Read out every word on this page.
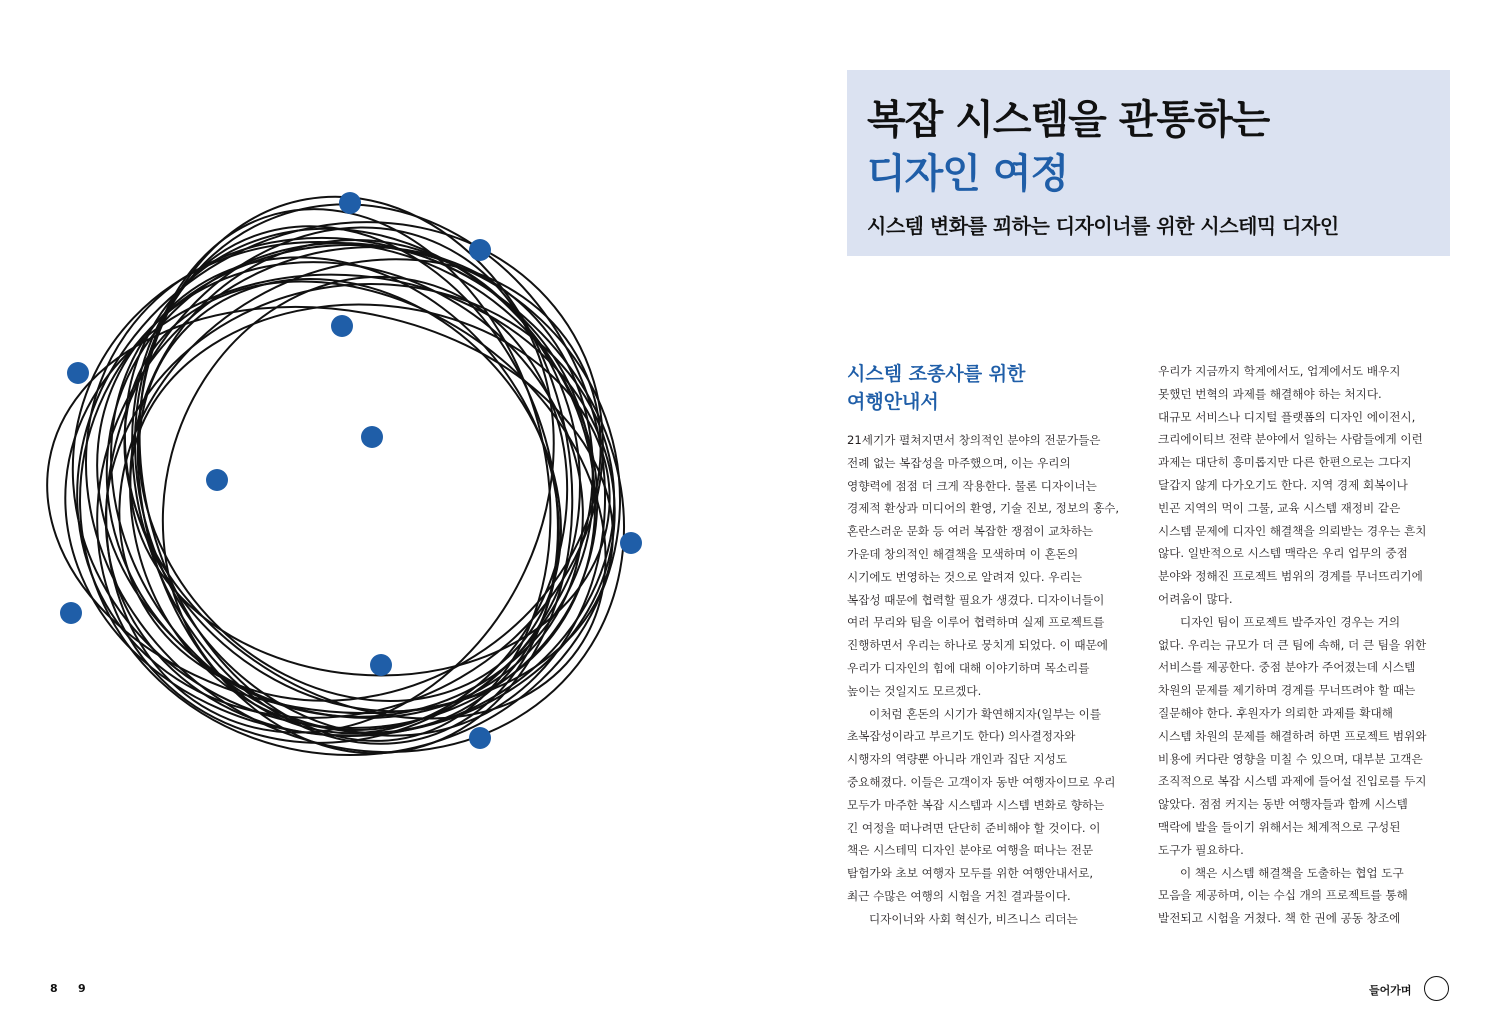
복잡 시스템을 관통하는
디자인 여정
시스템 변화를 꾀하는 디자이너를 위한 시스테믹 디자인
시스템 조종사를 위한
여행안내서
21세기가 펼쳐지면서 창의적인 분야의 전문가들은
전례 없는 복잡성을 마주했으며, 이는 우리의
영향력에 점점 더 크게 작용한다. 물론 디자이너는
경제적 환상과 미디어의 환영, 기술 진보, 정보의 홍수,
혼란스러운 문화 등 여러 복잡한 쟁점이 교차하는
가운데 창의적인 해결책을 모색하며 이 혼돈의
시기에도 번영하는 것으로 알려져 있다. 우리는
복잡성 때문에 협력할 필요가 생겼다. 디자이너들이
여러 무리와 팀을 이루어 협력하며 실제 프로젝트를
진행하면서 우리는 하나로 뭉치게 되었다. 이 때문에
우리가 디자인의 힘에 대해 이야기하며 목소리를
높이는 것일지도 모르겠다.
이처럼 혼돈의 시기가 확연해지자(일부는 이를
초복잡성이라고 부르기도 한다) 의사결정자와
시행자의 역량뿐 아니라 개인과 집단 지성도
중요해졌다. 이들은 고객이자 동반 여행자이므로 우리
모두가 마주한 복잡 시스템과 시스템 변화로 향하는
긴 여정을 떠나려면 단단히 준비해야 할 것이다. 이
책은 시스테믹 디자인 분야로 여행을 떠나는 전문
탐험가와 초보 여행자 모두를 위한 여행안내서로,
최근 수많은 여행의 시험을 거친 결과물이다.
디자이너와 사회 혁신가, 비즈니스 리더는
우리가 지금까지 학계에서도, 업계에서도 배우지
못했던 번혁의 과제를 해결해야 하는 처지다.
대규모 서비스나 디지털 플랫폼의 디자인 에이전시,
크리에이티브 전략 분야에서 일하는 사람들에게 이런
과제는 대단히 흥미롭지만 다른 한편으로는 그다지
달갑지 않게 다가오기도 한다. 지역 경제 회복이나
빈곤 지역의 먹이 그물, 교육 시스템 재정비 같은
시스템 문제에 디자인 해결책을 의뢰받는 경우는 흔치
않다. 일반적으로 시스템 맥락은 우리 업무의 중점
분야와 정해진 프로젝트 범위의 경계를 무너뜨리기에
어려움이 많다.
디자인 팀이 프로젝트 발주자인 경우는 거의
없다. 우리는 규모가 더 큰 팀에 속해, 더 큰 팀을 위한
서비스를 제공한다. 중점 분야가 주어졌는데 시스템
차원의 문제를 제기하며 경계를 무너뜨려야 할 때는
질문해야 한다. 후원자가 의뢰한 과제를 확대해
시스템 차원의 문제를 해결하려 하면 프로젝트 범위와
비용에 커다란 영향을 미칠 수 있으며, 대부분 고객은
조직적으로 복잡 시스템 과제에 들어설 진입로를 두지
않았다. 점점 커지는 동반 여행자들과 함께 시스템
맥락에 발을 들이기 위해서는 체계적으로 구성된
도구가 필요하다.
이 책은 시스템 해결책을 도출하는 협업 도구
모음을 제공하며, 이는 수십 개의 프로젝트를 통해
발전되고 시험을 거쳤다. 책 한 권에 공동 창조에
8 9	들어가며
